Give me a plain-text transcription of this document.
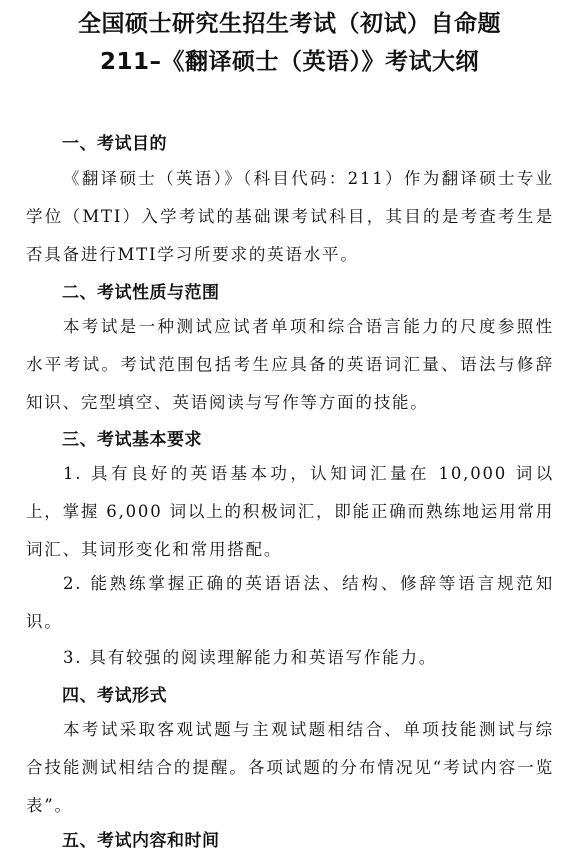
全国硕士研究生招生考试（初试）自命题
211–《翻译硕士（英语）》考试大纲
一、考试目的

《翻译硕士（英语）》（科目代码：211）作为翻译硕士专业学位（MTI）入学考试的基础课考试科目，其目的是考查考生是否具备进行MTI学习所要求的英语水平。

二、考试性质与范围

本考试是一种测试应试者单项和综合语言能力的尺度参照性水平考试。考试范围包括考生应具备的英语词汇量、语法与修辞知识、完型填空、英语阅读与写作等方面的技能。

三、考试基本要求

1. 具有良好的英语基本功，认知词汇量在 10,000 词以上，掌握 6,000 词以上的积极词汇，即能正确而熟练地运用常用词汇、其词形变化和常用搭配。

2. 能熟练掌握正确的英语语法、结构、修辞等语言规范知识。

3. 具有较强的阅读理解能力和英语写作能力。

四、考试形式

本考试采取客观试题与主观试题相结合、单项技能测试与综合技能测试相结合的提醒。各项试题的分布情况见“考试内容一览表”。

五、考试内容和时间
